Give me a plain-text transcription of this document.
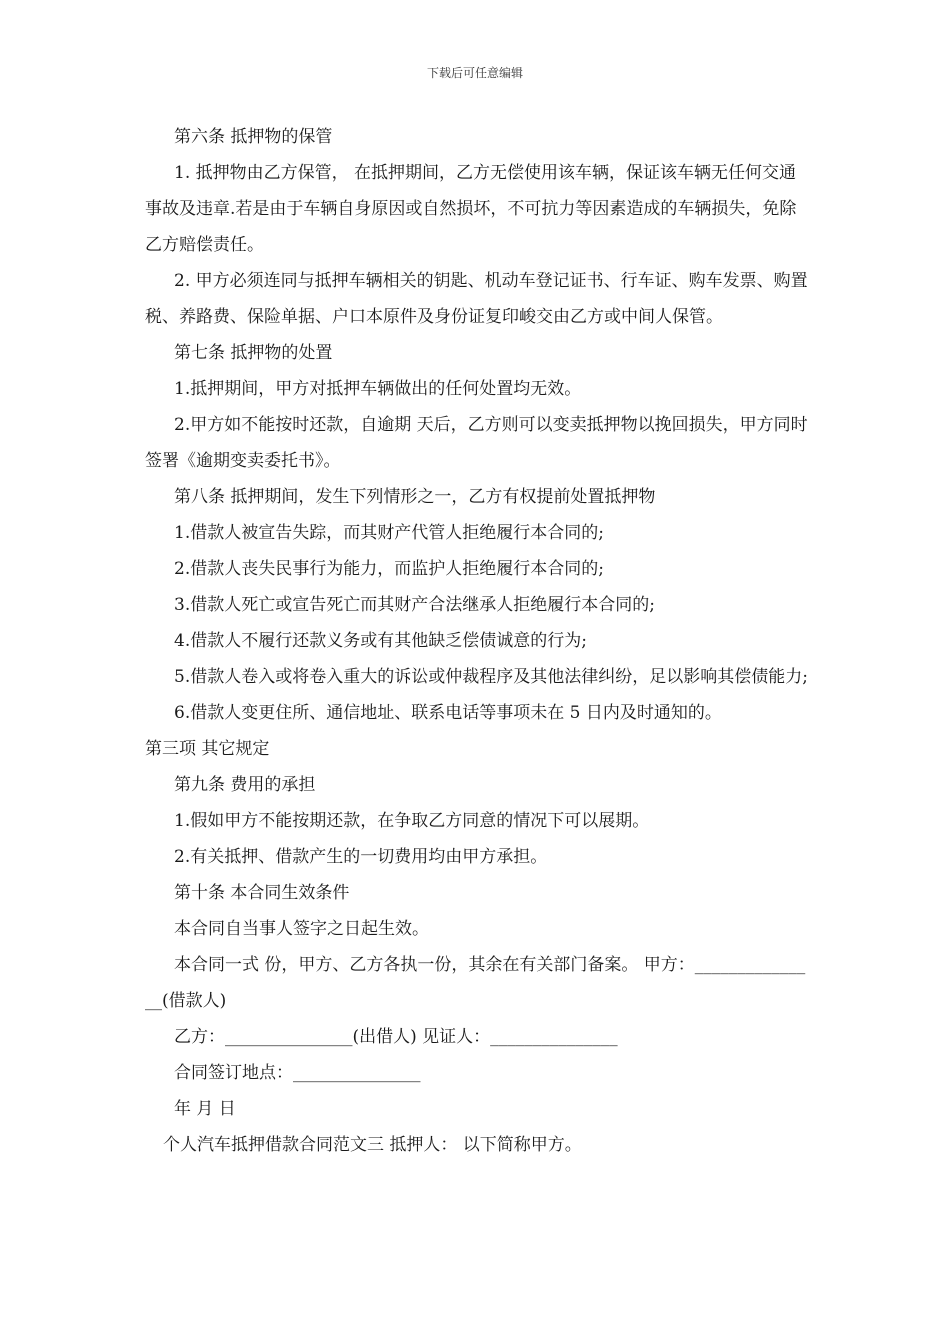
下载后可任意编辑

第六条 抵押物的保管

1. 抵押物由乙方保管， 在抵押期间，乙方无偿使用该车辆，保证该车辆无任何交通事故及违章.若是由于车辆自身原因或自然损坏，不可抗力等因素造成的车辆损失，免除乙方赔偿责任。

2. 甲方必须连同与抵押车辆相关的钥匙、机动车登记证书、行车证、购车发票、购置税、养路费、保险单据、户口本原件及身份证复印峻交由乙方或中间人保管。

第七条 抵押物的处置

1.抵押期间，甲方对抵押车辆做出的任何处置均无效。

2.甲方如不能按时还款，自逾期 天后，乙方则可以变卖抵押物以挽回损失，甲方同时签署《逾期变卖委托书》。

第八条 抵押期间，发生下列情形之一，乙方有权提前处置抵押物

1.借款人被宣告失踪，而其财产代管人拒绝履行本合同的;

2.借款人丧失民事行为能力，而监护人拒绝履行本合同的;

3.借款人死亡或宣告死亡而其财产合法继承人拒绝履行本合同的;

4.借款人不履行还款义务或有其他缺乏偿债诚意的行为;

5.借款人卷入或将卷入重大的诉讼或仲裁程序及其他法律纠纷，足以影响其偿债能力;

6.借款人变更住所、通信地址、联系电话等事项未在 5 日内及时通知的。

第三项 其它规定

第九条 费用的承担

1.假如甲方不能按期还款，在争取乙方同意的情况下可以展期。

2.有关抵押、借款产生的一切费用均由甲方承担。

第十条 本合同生效条件

本合同自当事人签字之日起生效。

本合同一式 份，甲方、乙方各执一份，其余在有关部门备案。 甲方：_______________(借款人)

乙方：_______________(出借人) 见证人：_______________

合同签订地点：_______________

年 月 日

个人汽车抵押借款合同范文三 抵押人： 以下简称甲方。
